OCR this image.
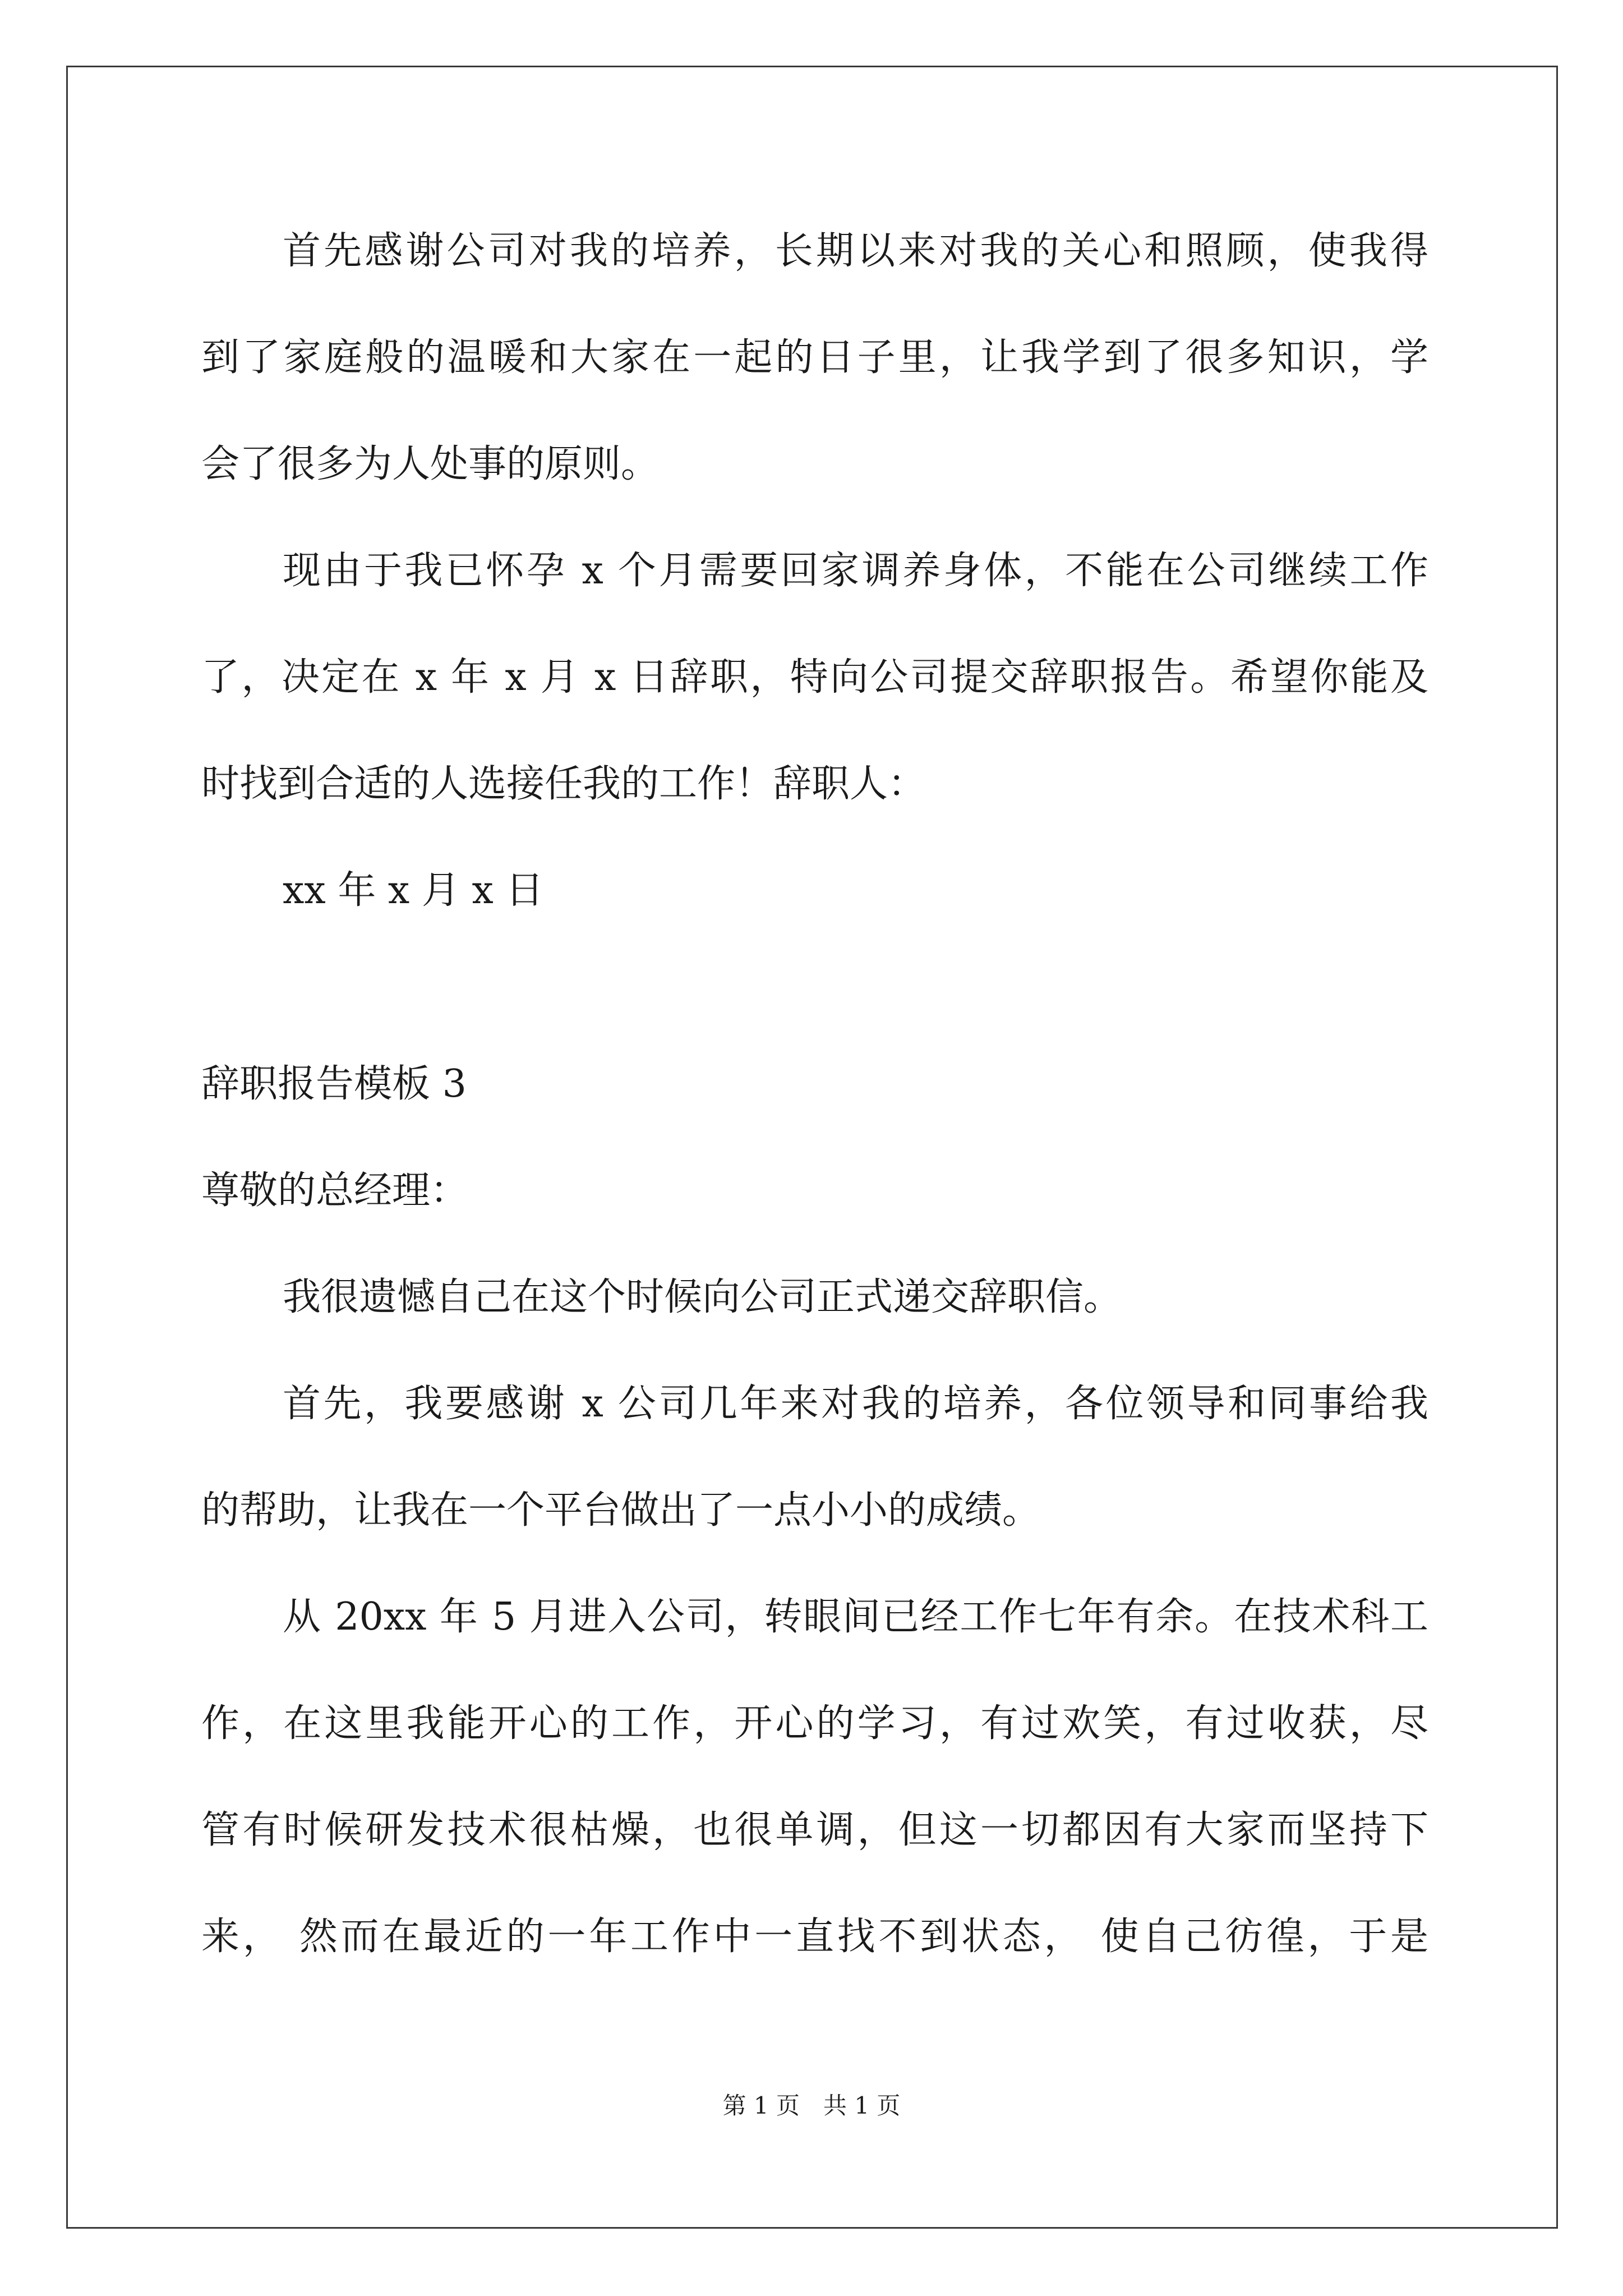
首先感谢公司对我的培养，长期以来对我的关心和照顾，使我得
到了家庭般的温暖和大家在一起的日子里，让我学到了很多知识，学
会了很多为人处事的原则。
现由于我已怀孕 x 个月需要回家调养身体，不能在公司继续工作
了，决定在 x 年 x 月 x 日辞职，特向公司提交辞职报告。希望你能及
时找到合适的人选接任我的工作！辞职人：
xx 年 x 月 x 日
辞职报告模板 3
尊敬的总经理：
我很遗憾自己在这个时候向公司正式递交辞职信。
首先，我要感谢 x 公司几年来对我的培养，各位领导和同事给我
的帮助，让我在一个平台做出了一点小小的成绩。
从 20xx 年 5 月进入公司，转眼间已经工作七年有余。在技术科工
作，在这里我能开心的工作，开心的学习，有过欢笑，有过收获，尽
管有时候研发技术很枯燥，也很单调，但这一切都因有大家而坚持下
来， 然而在最近的一年工作中一直找不到状态， 使自己彷徨，于是
第 1 页　共 1 页
